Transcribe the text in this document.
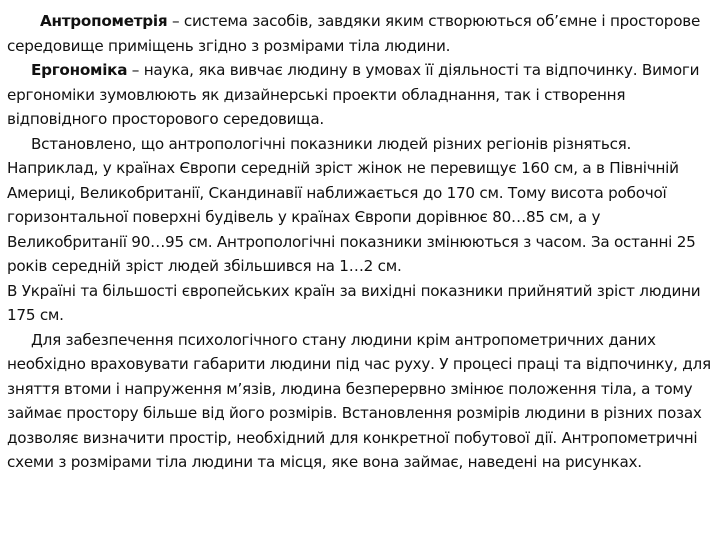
Антропометрія – система засобів, завдяки яким створюються об’ємне і просторове середовище приміщень згідно з розмірами тіла людини.

Ергономіка – наука, яка вивчає людину в умовах її діяльності та відпочинку. Вимоги ергономіки зумовлюють як дизайнерські проекти обладнання, так і створення відповідного просторового середовища.

Встановлено, що антропологічні показники людей різних регіонів різняться. Наприклад, у країнах Європи середній зріст жінок не перевищує 160 см, а в Північній Америці, Великобританії, Скандинавії наближається до 170 см. Тому висота робочої горизонтальної поверхні будівель у країнах Європи дорівнює 80…85 см, а у Великобританії 90…95 см. Антропологічні показники змінюються з часом. За останні 25 років середній зріст людей збільшився на 1…2 см.

В Україні та більшості європейських країн за вихідні показники прийнятий зріст людини 175 см.

Для забезпечення психологічного стану людини крім антропометричних даних необхідно враховувати габарити людини під час руху. У процесі праці та відпочинку, для зняття втоми і напруження м’язів, людина безперервно змінює положення тіла, а тому займає простору більше від його розмірів. Встановлення розмірів людини в різних позах дозволяє визначити простір, необхідний для конкретної побутової дії. Антропометричні схеми з розмірами тіла людини та місця, яке вона займає, наведені на рисунках.
